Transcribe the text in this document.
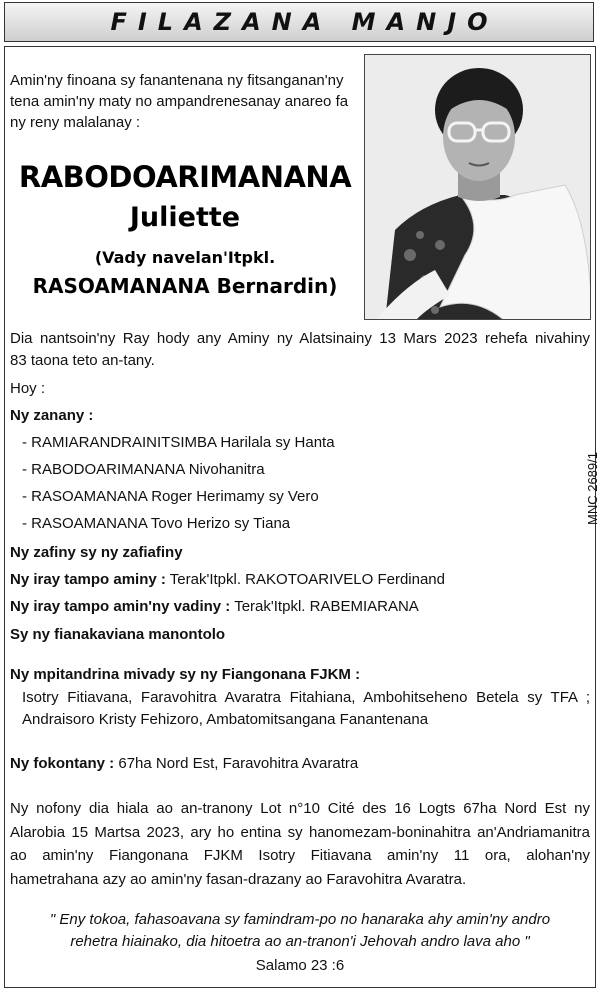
FILAZANA MANJO
Amin'ny finoana sy fanantenana ny fitsanganan'ny tena amin'ny maty no ampandrenesanay anareo fa ny reny malalanay :
RABODOARIMANANA
Juliette
(Vady navelan'Itpkl.
RASOAMANANA Bernardin)
Dia nantsoin'ny Ray hody any Aminy ny Alatsinainy 13 Mars 2023 rehefa nivahiny
83 taona teto an-tany.
Hoy :
Ny zanany :
- RAMIARANDRAINITSIMBA Harilala sy Hanta
- RABODOARIMANANA Nivohanitra
- RASOAMANANA Roger Herimamy sy Vero
- RASOAMANANA Tovo Herizo sy Tiana
Ny zafiny sy ny zafiafiny
Ny iray tampo aminy : Terak'Itpkl. RAKOTOARIVELO Ferdinand
Ny iray tampo amin'ny vadiny : Terak'Itpkl. RABEMIARANA
Sy ny fianakaviana manontolo
Ny mpitandrina mivady sy ny Fiangonana FJKM :
Isotry Fitiavana, Faravohitra Avaratra Fitahiana, Ambohitseheno Betela sy TFA ;
Andraisoro Kristy Fehizoro, Ambatomitsangana Fanantenana
Ny fokontany : 67ha Nord Est, Faravohitra Avaratra
Ny nofony dia hiala ao an-tranony Lot n°10 Cité des 16 Logts 67ha Nord Est ny
Alarobia 15 Martsa 2023, ary ho entina sy hanomezam-boninahitra an'Andriamanitra
ao amin'ny Fiangonana FJKM Isotry Fitiavana amin'ny 11 ora, alohan'ny
hametrahana azy ao amin'ny fasan-drazany ao Faravohitra Avaratra.
" Eny tokoa, fahasoavana sy famindram-po no hanaraka ahy amin'ny andro
rehetra hiainako, dia hitoetra ao an-tranon'i Jehovah andro lava aho "
Salamo 23 :6
MNC 2689/1
